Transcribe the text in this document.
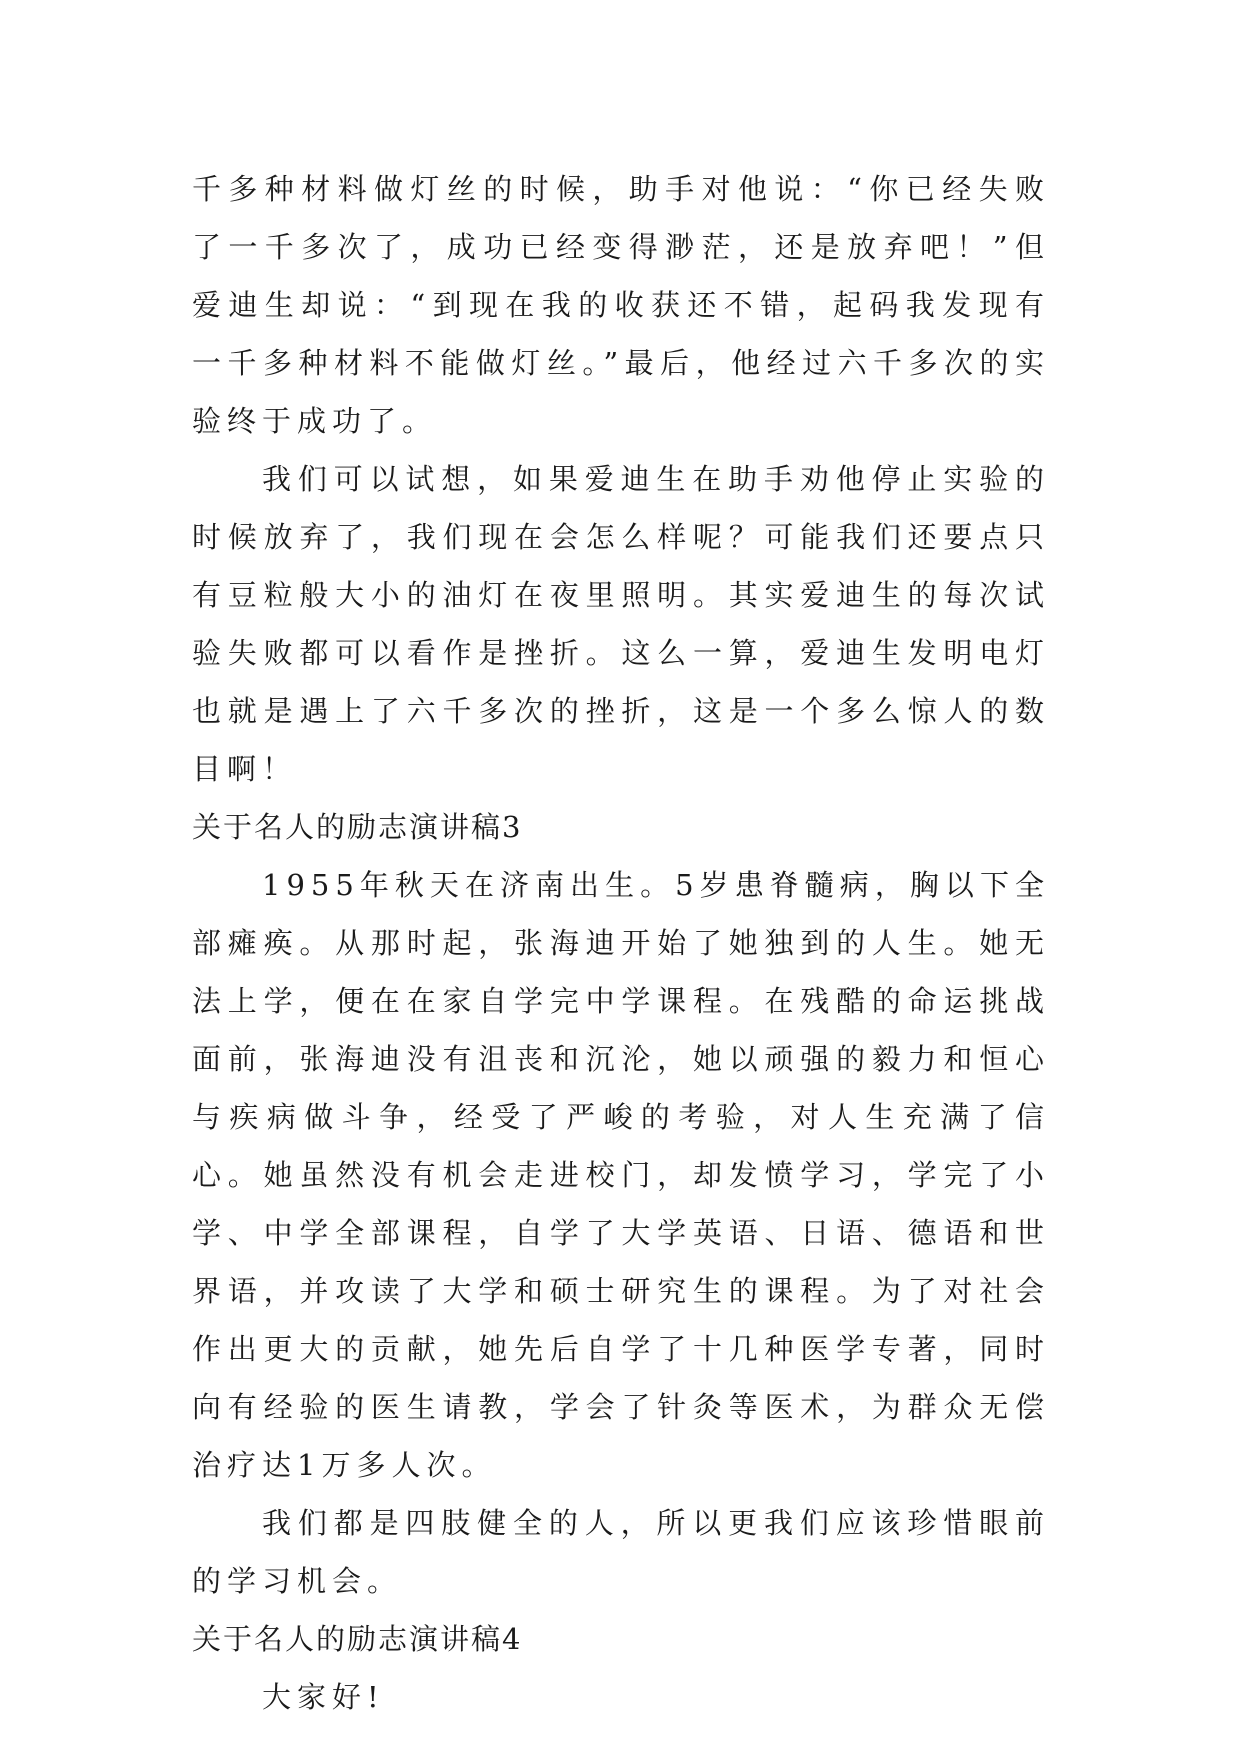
千多种材料做灯丝的时候，助手对他说：“你已经失败了一千多次了，成功已经变得渺茫，还是放弃吧！”但爱迪生却说：“到现在我的收获还不错，起码我发现有一千多种材料不能做灯丝。”最后，他经过六千多次的实验终于成功了。

我们可以试想，如果爱迪生在助手劝他停止实验的时候放弃了，我们现在会怎么样呢？可能我们还要点只有豆粒般大小的油灯在夜里照明。其实爱迪生的每次试验失败都可以看作是挫折。这么一算，爱迪生发明电灯也就是遇上了六千多次的挫折，这是一个多么惊人的数目啊！

关于名人的励志演讲稿3

1955年秋天在济南出生。5岁患脊髓病，胸以下全部瘫痪。从那时起，张海迪开始了她独到的人生。她无法上学，便在在家自学完中学课程。在残酷的命运挑战面前，张海迪没有沮丧和沉沦，她以顽强的毅力和恒心与疾病做斗争，经受了严峻的考验，对人生充满了信心。她虽然没有机会走进校门，却发愤学习，学完了小学、中学全部课程，自学了大学英语、日语、德语和世界语，并攻读了大学和硕士研究生的课程。为了对社会作出更大的贡献，她先后自学了十几种医学专著，同时向有经验的医生请教，学会了针灸等医术，为群众无偿治疗达1万多人次。

我们都是四肢健全的人，所以更我们应该珍惜眼前的学习机会。

关于名人的励志演讲稿4

大家好!
